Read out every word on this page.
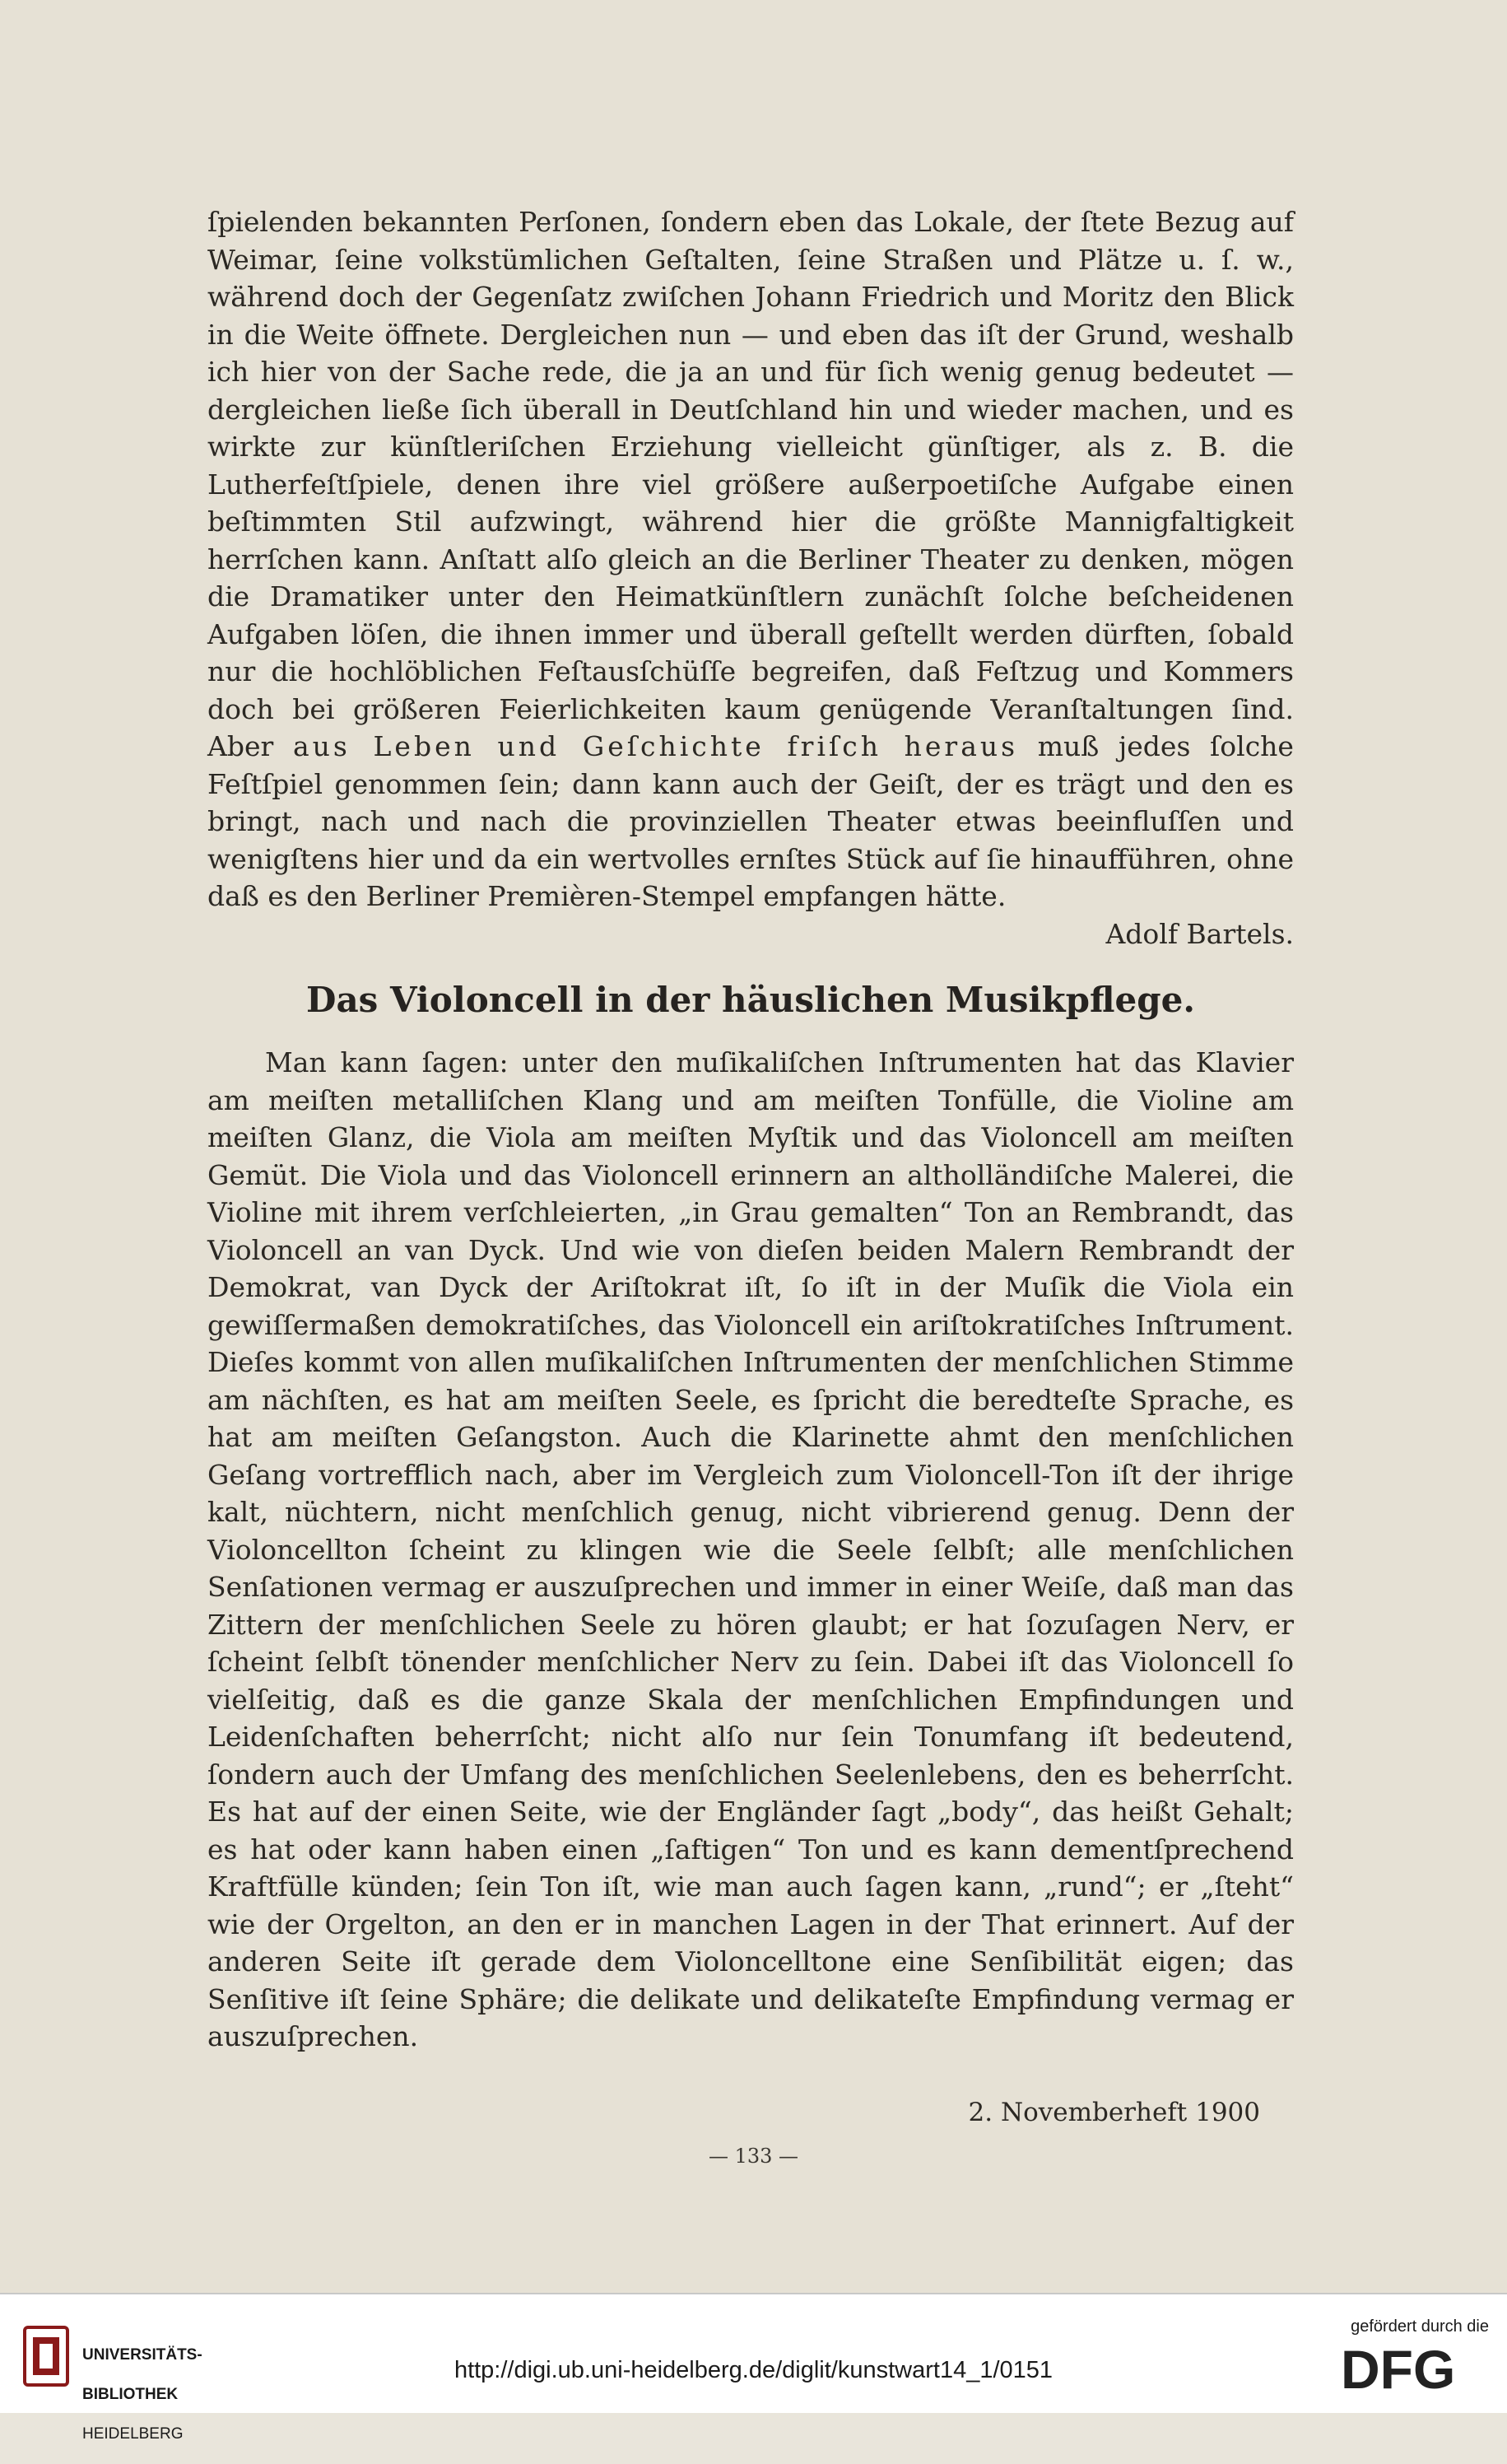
ſpielenden bekannten Perſonen, ſondern eben das Lokale, der ſtete Bezug auf Weimar, ſeine volkstümlichen Geſtalten, ſeine Straßen und Plätze u. ſ. w., während doch der Gegenſatz zwiſchen Johann Friedrich und Moritz den Blick in die Weite öffnete. Dergleichen nun — und eben das iſt der Grund, weshalb ich hier von der Sache rede, die ja an und für ſich wenig genug bedeutet — dergleichen ließe ſich überall in Deutſchland hin und wieder machen, und es wirkte zur künſtleriſchen Erziehung vielleicht günſtiger, als z. B. die Lutherfeſtſpiele, denen ihre viel größere außerpoetiſche Aufgabe einen beſtimmten Stil aufzwingt, während hier die größte Mannigfaltigkeit herrſchen kann. Anſtatt alſo gleich an die Berliner Theater zu denken, mögen die Dramatiker unter den Heimatkünſtlern zunächſt ſolche beſcheidenen Aufgaben löſen, die ihnen immer und überall geſtellt werden dürften, ſobald nur die hochlöblichen Feſtausſchüſſe begreifen, daß Feſtzug und Kommers doch bei größeren Feierlichkeiten kaum genügende Veranſtaltungen ſind. Aber aus Leben und Geſchichte friſch heraus muß jedes ſolche Feſtſpiel genommen ſein; dann kann auch der Geiſt, der es trägt und den es bringt, nach und nach die provinziellen Theater etwas beeinfluſſen und wenigſtens hier und da ein wertvolles ernſtes Stück auf ſie hinaufführen, ohne daß es den Berliner Premièren-Stempel empfangen hätte.
Adolf Bartels.
Das Violoncell in der häuslichen Musikpflege.
Man kann ſagen: unter den muſikaliſchen Inſtrumenten hat das Klavier am meiſten metalliſchen Klang und am meiſten Tonfülle, die Violine am meiſten Glanz, die Viola am meiſten Myſtik und das Violoncell am meiſten Gemüt. Die Viola und das Violoncell erinnern an altholländiſche Malerei, die Violine mit ihrem verſchleierten, „in Grau gemalten“ Ton an Rembrandt, das Violoncell an van Dyck. Und wie von dieſen beiden Malern Rembrandt der Demokrat, van Dyck der Ariſtokrat iſt, ſo iſt in der Muſik die Viola ein gewiſſermaßen demokratiſches, das Violoncell ein ariſtokratiſches Inſtrument. Dieſes kommt von allen muſikaliſchen Inſtrumenten der menſchlichen Stimme am nächſten, es hat am meiſten Seele, es ſpricht die beredteſte Sprache, es hat am meiſten Geſangston. Auch die Klarinette ahmt den menſchlichen Geſang vortrefflich nach, aber im Vergleich zum Violoncell-Ton iſt der ihrige kalt, nüchtern, nicht menſchlich genug, nicht vibrierend genug. Denn der Violoncellton ſcheint zu klingen wie die Seele ſelbſt; alle menſchlichen Senſationen vermag er auszuſprechen und immer in einer Weiſe, daß man das Zittern der menſchlichen Seele zu hören glaubt; er hat ſozuſagen Nerv, er ſcheint ſelbſt tönender menſchlicher Nerv zu ſein. Dabei iſt das Violoncell ſo vielſeitig, daß es die ganze Skala der menſchlichen Empfindungen und Leidenſchaften beherrſcht; nicht alſo nur ſein Tonumfang iſt bedeutend, ſondern auch der Umfang des menſchlichen Seelenlebens, den es beherrſcht. Es hat auf der einen Seite, wie der Engländer ſagt „body“, das heißt Gehalt; es hat oder kann haben einen „ſaftigen“ Ton und es kann dementſprechend Kraftfülle künden; ſein Ton iſt, wie man auch ſagen kann, „rund“; er „ſteht“ wie der Orgelton, an den er in manchen Lagen in der That erinnert. Auf der anderen Seite iſt gerade dem Violoncelltone eine Senſibilität eigen; das Senſitive iſt ſeine Sphäre; die delikate und delikateſte Empfindung vermag er auszuſprechen.
2. Novemberheft 1900
— 133 —

UNIVERSITÄTS-

BIBLIOTHEK

HEIDELBERG

http://digi.ub.uni-heidelberg.de/diglit/kunstwart14_1/0151
gefördert durch die
DFG
